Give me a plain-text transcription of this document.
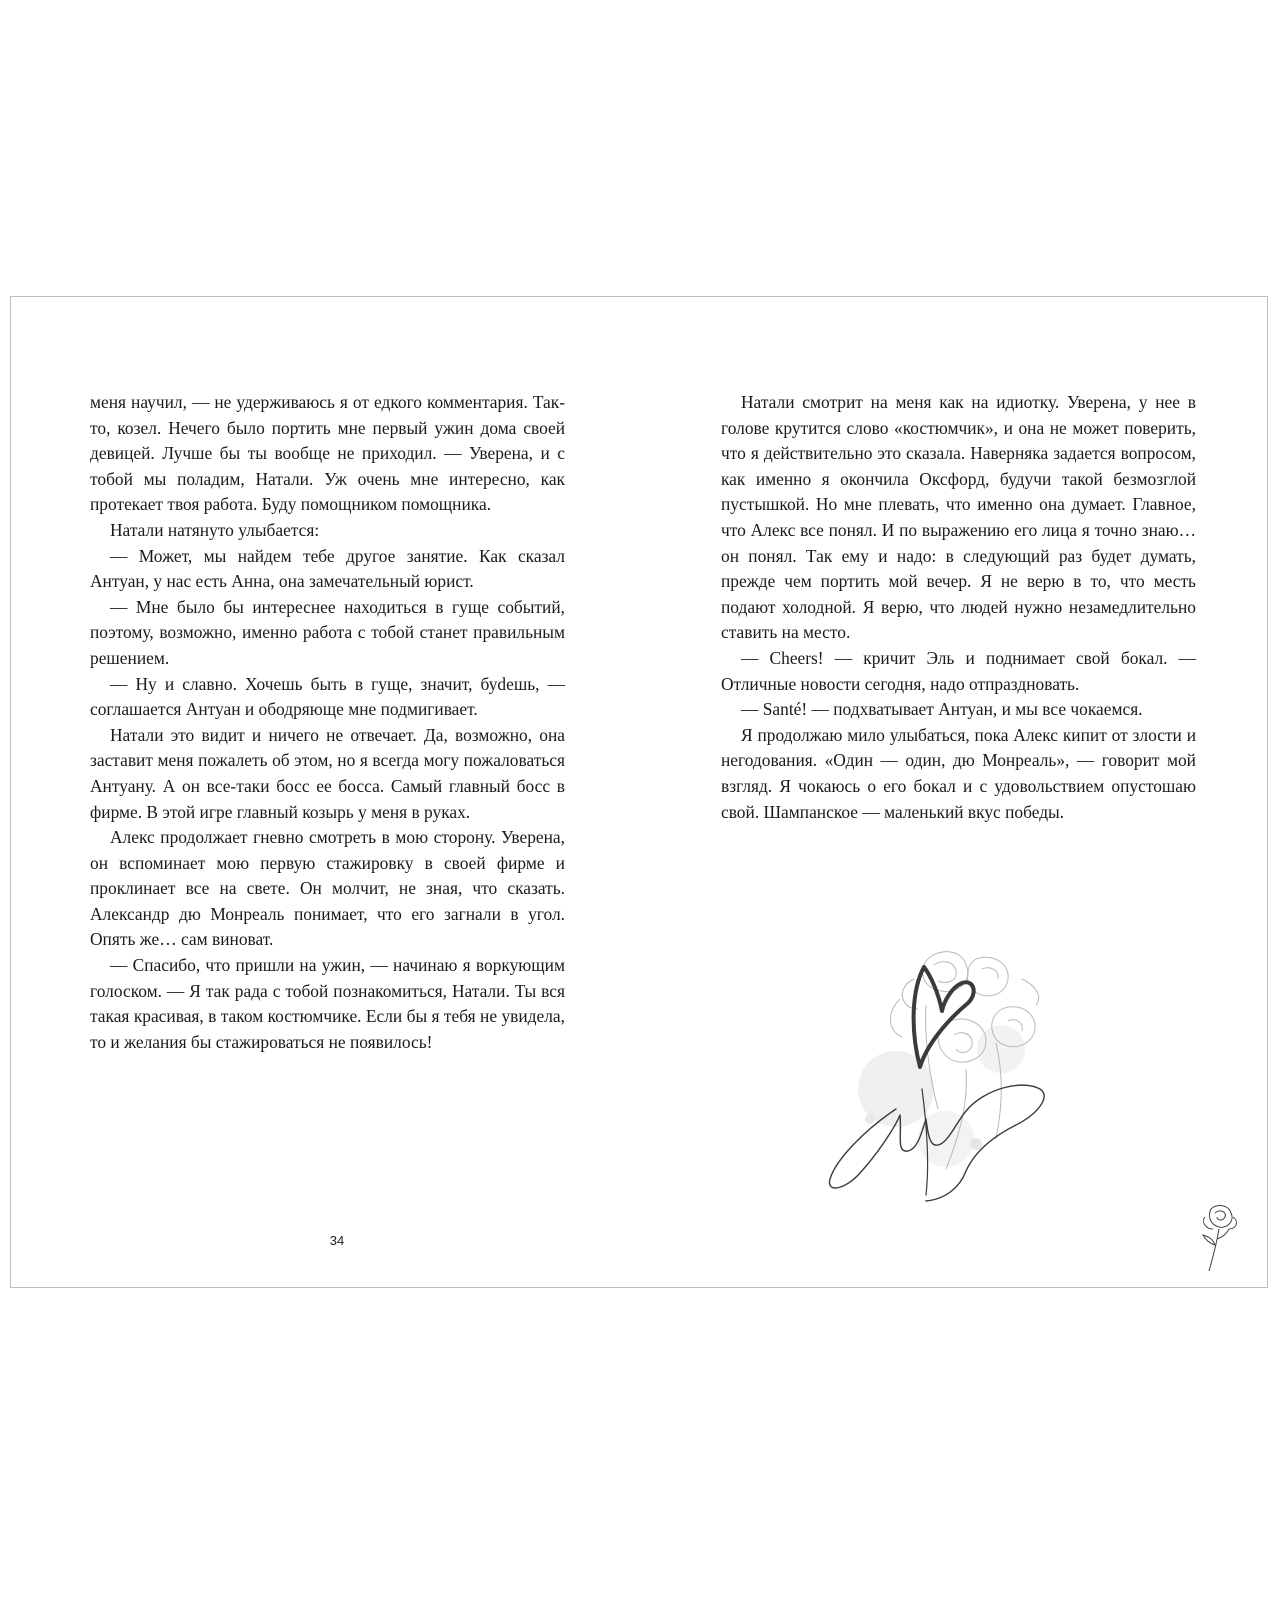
меня научил, — не удерживаюсь я от едкого комментария. Так-то, козел. Нечего было портить мне первый ужин дома своей девицей. Лучше бы ты вообще не приходил. — Уверена, и с тобой мы поладим, Натали. Уж очень мне интересно, как протекает твоя работа. Буду помощником помощника.

Натали натянуто улыбается:

— Может, мы найдем тебе другое занятие. Как сказал Антуан, у нас есть Анна, она замечательный юрист.

— Мне было бы интереснее находиться в гуще событий, поэтому, возможно, именно работа с тобой станет правильным решением.

— Ну и славно. Хочешь быть в гуще, значит, буdешь, — соглашается Антуан и ободряюще мне подмигивает.

Натали это видит и ничего не отвечает. Да, возможно, она заставит меня пожалеть об этом, но я всегда могу пожаловаться Антуану. А он все-таки босс ее босса. Самый главный босс в фирме. В этой игре главный козырь у меня в руках.

Алекс продолжает гневно смотреть в мою сторону. Уверена, он вспоминает мою первую стажировку в своей фирме и проклинает все на свете. Он молчит, не зная, что сказать. Александр дю Монреаль понимает, что его загнали в угол. Опять же… сам виноват.

— Спасибо, что пришли на ужин, — начинаю я воркующим голоском. — Я так рада с тобой познакомиться, Натали. Ты вся такая красивая, в таком костюмчике. Если бы я тебя не увидела, то и желания бы стажироваться не появилось!

34

Натали смотрит на меня как на идиотку. Уверена, у нее в голове крутится слово «костюмчик», и она не может поверить, что я действительно это сказала. Наверняка задается вопросом, как именно я окончила Оксфорд, будучи такой безмозглой пустышкой. Но мне плевать, что именно она думает. Главное, что Алекс все понял. И по выражению его лица я точно знаю… он понял. Так ему и надо: в следующий раз будет думать, прежде чем портить мой вечер. Я не верю в то, что месть подают холодной. Я верю, что людей нужно незамедлительно ставить на место.

— Cheers! — кричит Эль и поднимает свой бокал. — Отличные новости сегодня, надо отпраздновать.

— Santé! — подхватывает Антуан, и мы все чокаемся.

Я продолжаю мило улыбаться, пока Алекс кипит от злости и негодования. «Один — один, дю Монреаль», — говорит мой взгляд. Я чокаюсь о его бокал и с удовольствием опустошаю свой. Шампанское — маленький вкус победы.
